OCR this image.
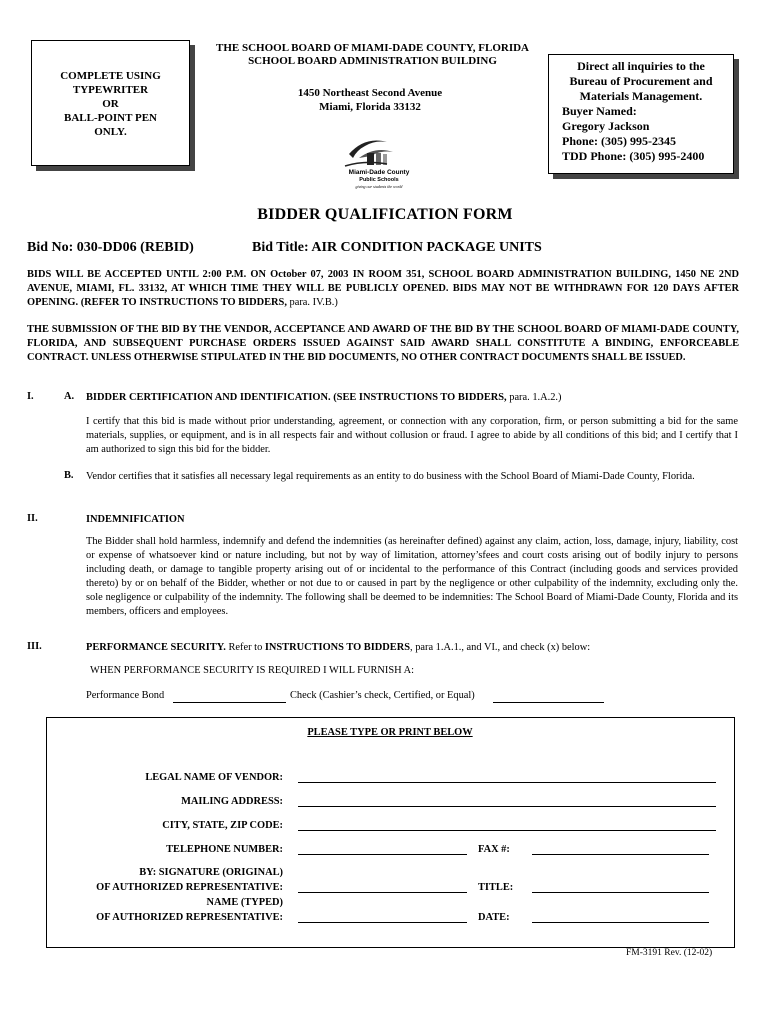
COMPLETE USING
TYPEWRITER
OR
BALL-POINT PEN
ONLY.
THE SCHOOL BOARD OF MIAMI-DADE COUNTY, FLORIDA
SCHOOL BOARD ADMINISTRATION BUILDING
1450 Northeast Second Avenue
Miami, Florida 33132
Miami-Dade County
Public Schools
giving our students the world
Direct all inquiries to the
Bureau of Procurement and
Materials Management.
Buyer Named:
Gregory Jackson
Phone: (305) 995-2345
TDD Phone: (305) 995-2400
BIDDER QUALIFICATION FORM
Bid No: 030-DD06 (REBID)	Bid Title: AIR CONDITION PACKAGE UNITS
BIDS WILL BE ACCEPTED UNTIL 2:00 P.M. ON October 07, 2003 IN ROOM 351, SCHOOL BOARD ADMINISTRATION BUILDING, 1450 NE 2ND AVENUE, MIAMI, FL. 33132, AT WHICH TIME THEY WILL BE PUBLICLY OPENED. BIDS MAY NOT BE WITHDRAWN FOR 120 DAYS AFTER OPENING. (REFER TO INSTRUCTIONS TO BIDDERS, para. IV.B.)
THE SUBMISSION OF THE BID BY THE VENDOR, ACCEPTANCE AND AWARD OF THE BID BY THE SCHOOL BOARD OF MIAMI-DADE COUNTY, FLORIDA, AND SUBSEQUENT PURCHASE ORDERS ISSUED AGAINST SAID AWARD SHALL CONSTITUTE A BINDING, ENFORCEABLE CONTRACT. UNLESS OTHERWISE STIPULATED IN THE BID DOCUMENTS, NO OTHER CONTRACT DOCUMENTS SHALL BE ISSUED.
I.	A. BIDDER CERTIFICATION AND IDENTIFICATION. (SEE INSTRUCTIONS TO BIDDERS, para. 1.A.2.)
I certify that this bid is made without prior understanding, agreement, or connection with any corporation, firm, or person submitting a bid for the same materials, supplies, or equipment, and is in all respects fair and without collusion or fraud. I agree to abide by all conditions of this bid; and I certify that I am authorized to sign this bid for the bidder.
B. Vendor certifies that it satisfies all necessary legal requirements as an entity to do business with the School Board of Miami-Dade County, Florida.
II.	INDEMNIFICATION
The Bidder shall hold harmless, indemnify and defend the indemnities (as hereinafter defined) against any claim, action, loss, damage, injury, liability, cost or expense of whatsoever kind or nature including, but not by way of limitation, attorney’sfees and court costs arising out of bodily injury to persons including death, or damage to tangible property arising out of or incidental to the performance of this Contract (including goods and services provided thereto) by or on behalf of the Bidder, whether or not due to or caused in part by the negligence or other culpability of the indemnity, excluding only the. sole negligence or culpability of the indemnity. The following shall be deemed to be indemnities: The School Board of Miami-Dade County, Florida and its members, officers and employees.
III.	PERFORMANCE SECURITY. Refer to INSTRUCTIONS TO BIDDERS, para 1.A.1., and VI., and check (x) below:
WHEN PERFORMANCE SECURITY IS REQUIRED I WILL FURNISH A:
Performance Bond	Check (Cashier’s check, Certified, or Equal)
PLEASE TYPE OR PRINT BELOW
LEGAL NAME OF VENDOR:
MAILING ADDRESS:
CITY, STATE, ZIP CODE:
TELEPHONE NUMBER:	FAX #:
BY: SIGNATURE (ORIGINAL)
OF AUTHORIZED REPRESENTATIVE:	TITLE:
NAME (TYPED)
OF AUTHORIZED REPRESENTATIVE:	DATE:
FM-3191 Rev. (12-02)
